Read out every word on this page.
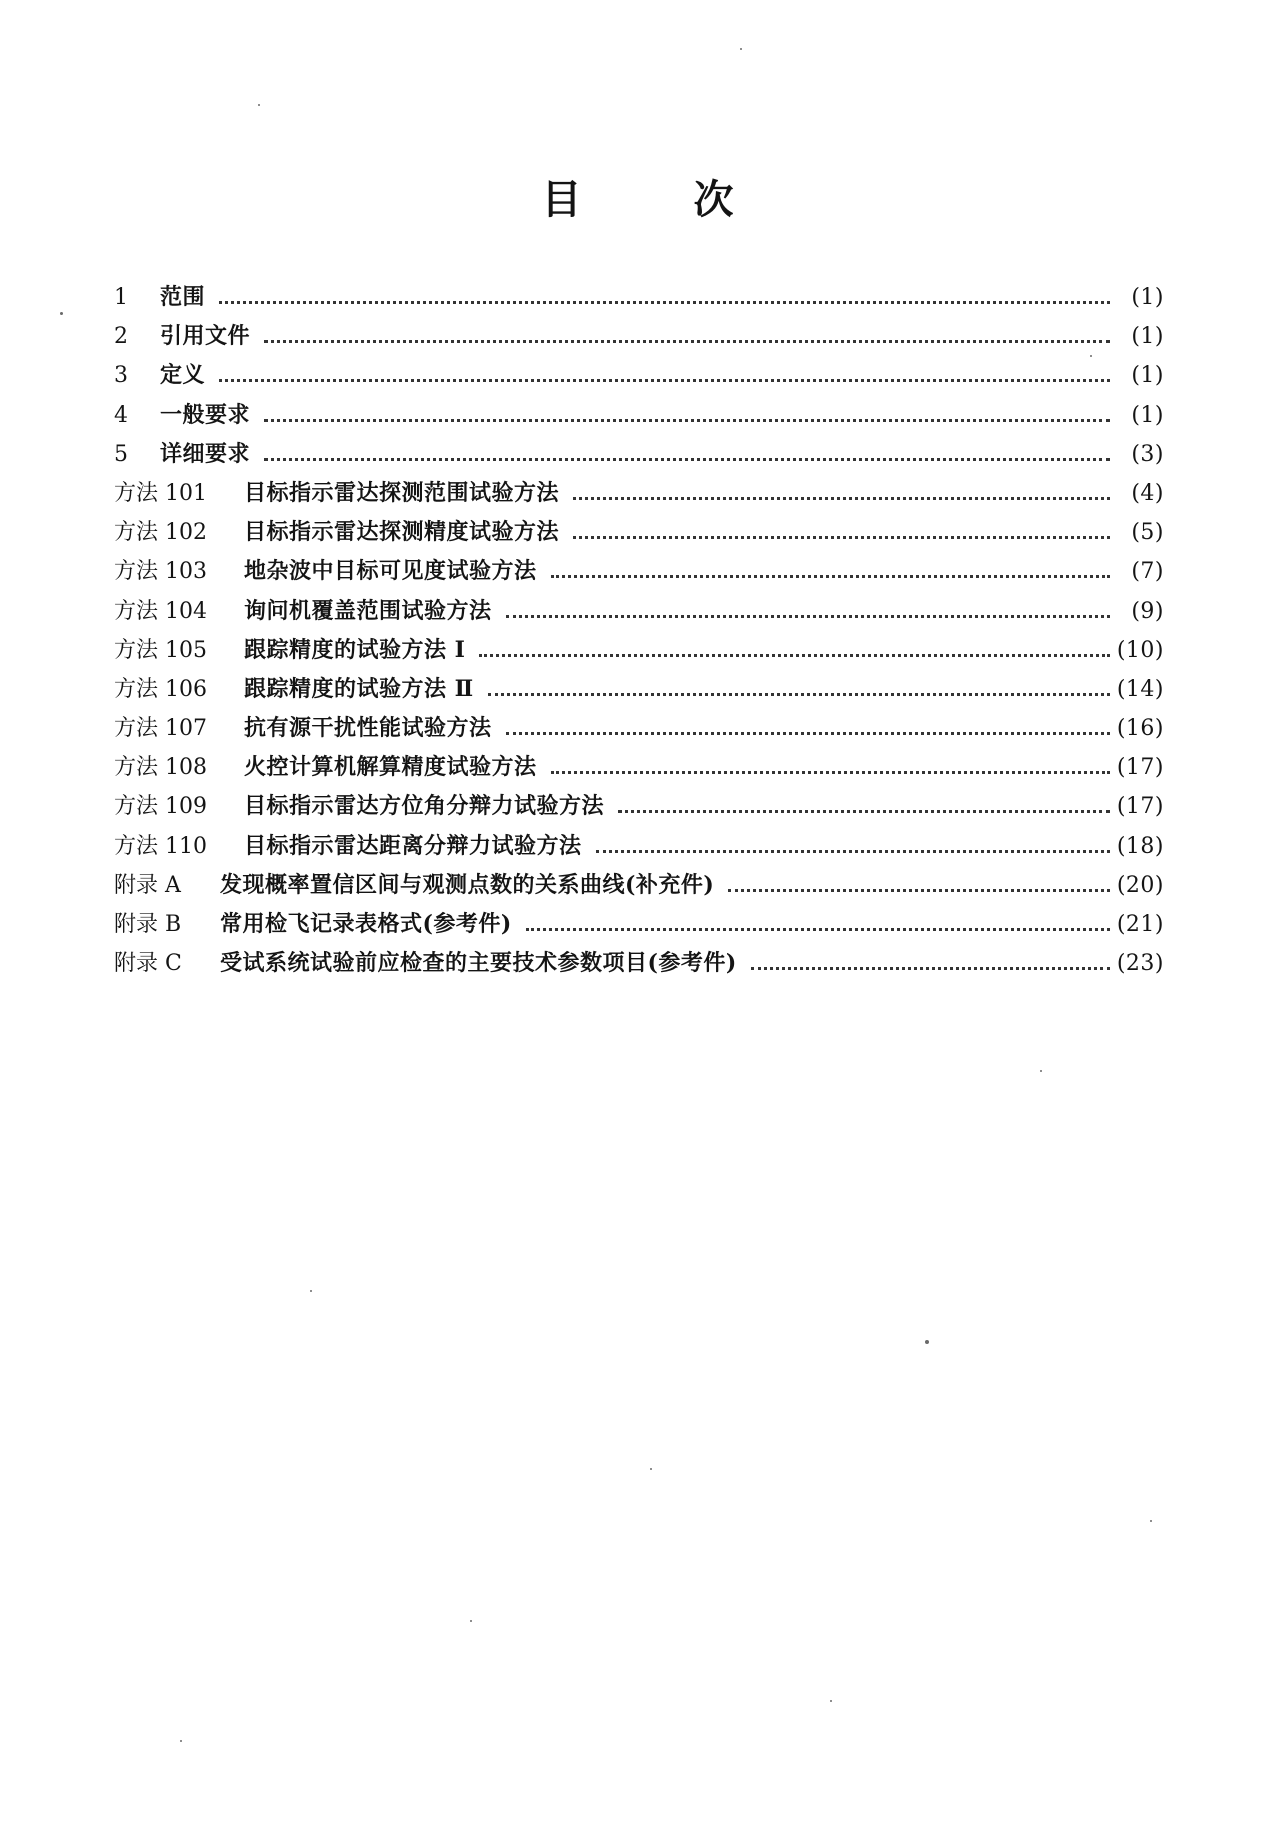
目	次
1	范围	(1)
2	引用文件	(1)
3	定义	(1)
4	一般要求	(1)
5	详细要求	(3)
方法 101	目标指示雷达探测范围试验方法	(4)
方法 102	目标指示雷达探测精度试验方法	(5)
方法 103	地杂波中目标可见度试验方法	(7)
方法 104	询问机覆盖范围试验方法	(9)
方法 105	跟踪精度的试验方法 Ⅰ	(10)
方法 106	跟踪精度的试验方法 Ⅱ	(14)
方法 107	抗有源干扰性能试验方法	(16)
方法 108	火控计算机解算精度试验方法	(17)
方法 109	目标指示雷达方位角分辩力试验方法	(17)
方法 110	目标指示雷达距离分辩力试验方法	(18)
附录 A	发现概率置信区间与观测点数的关系曲线(补充件)	(20)
附录 B	常用检飞记录表格式(参考件)	(21)
附录 C	受试系统试验前应检查的主要技术参数项目(参考件)	(23)
